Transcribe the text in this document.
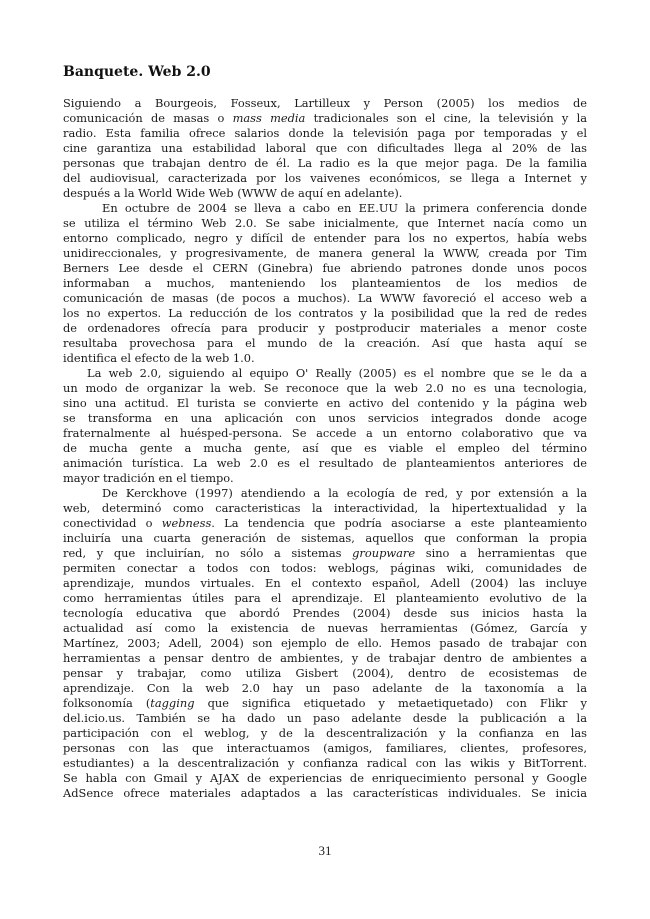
Banquete. Web 2.0
Siguiendo a Bourgeois, Fosseux, Lartilleux y Person (2005) los medios de
comunicación de masas o mass media tradicionales son el cine, la televisión y la
radio. Esta familia ofrece salarios donde la televisión paga por temporadas y el
cine garantiza una estabilidad laboral que con dificultades llega al 20% de las
personas que trabajan dentro de él. La radio es la que mejor paga. De la familia
del audiovisual, caracterizada por los vaivenes económicos, se llega a Internet y
después a la World Wide Web (WWW de aquí en adelante).
En octubre de 2004 se lleva a cabo en EE.UU la primera conferencia donde
se utiliza el término Web 2.0. Se sabe inicialmente, que Internet nacía como un
entorno complicado, negro y difícil de entender para los no expertos, había webs
unidireccionales, y progresivamente, de manera general la WWW, creada por Tim
Berners Lee desde el CERN (Ginebra) fue abriendo patrones donde unos pocos
informaban a muchos, manteniendo los planteamientos de los medios de
comunicación de masas (de pocos a muchos). La WWW favoreció el acceso web a
los no expertos. La reducción de los contratos y la posibilidad que la red de redes
de ordenadores ofrecía para producir y postproducir materiales a menor coste
resultaba provechosa para el mundo de la creación. Así que hasta aquí se
identifica el efecto de la web 1.0.
La web 2.0, siguiendo al equipo O' Really (2005) es el nombre que se le da a
un modo de organizar la web. Se reconoce que la web 2.0 no es una tecnologia,
sino una actitud. El turista se convierte en activo del contenido y la página web
se transforma en una aplicación con unos servicios integrados donde acoge
fraternalmente al huésped-persona. Se accede a un entorno colaborativo que va
de mucha gente a mucha gente, así que es viable el empleo del término
animación turística. La web 2.0 es el resultado de planteamientos anteriores de
mayor tradición en el tiempo.
De Kerckhove (1997) atendiendo a la ecología de red, y por extensión a la
web, determinó como caracteristicas la interactividad, la hipertextualidad y la
conectividad o webness. La tendencia que podría asociarse a este planteamiento
incluiría una cuarta generación de sistemas, aquellos que conforman la propia
red, y que incluirían, no sólo a sistemas groupware sino a herramientas que
permiten conectar a todos con todos: weblogs, páginas wiki, comunidades de
aprendizaje, mundos virtuales. En el contexto español, Adell (2004) las incluye
como herramientas útiles para el aprendizaje. El planteamiento evolutivo de la
tecnología educativa que abordó Prendes (2004) desde sus inicios hasta la
actualidad así como la existencia de nuevas herramientas (Gómez, García y
Martínez, 2003; Adell, 2004) son ejemplo de ello. Hemos pasado de trabajar con
herramientas a pensar dentro de ambientes, y de trabajar dentro de ambientes a
pensar y trabajar, como utiliza Gisbert (2004), dentro de ecosistemas de
aprendizaje. Con la web 2.0 hay un paso adelante de la taxonomía a la
folksonomía (tagging que significa etiquetado y metaetiquetado) con Flikr y
del.icio.us. También se ha dado un paso adelante desde la publicación a la
participación con el weblog, y de la descentralización y la confianza en las
personas con las que interactuamos (amigos, familiares, clientes, profesores,
estudiantes) a la descentralización y confianza radical con las wikis y BitTorrent.
Se habla con Gmail y AJAX de experiencias de enriquecimiento personal y Google
AdSence ofrece materiales adaptados a las características individuales. Se inicia
31
